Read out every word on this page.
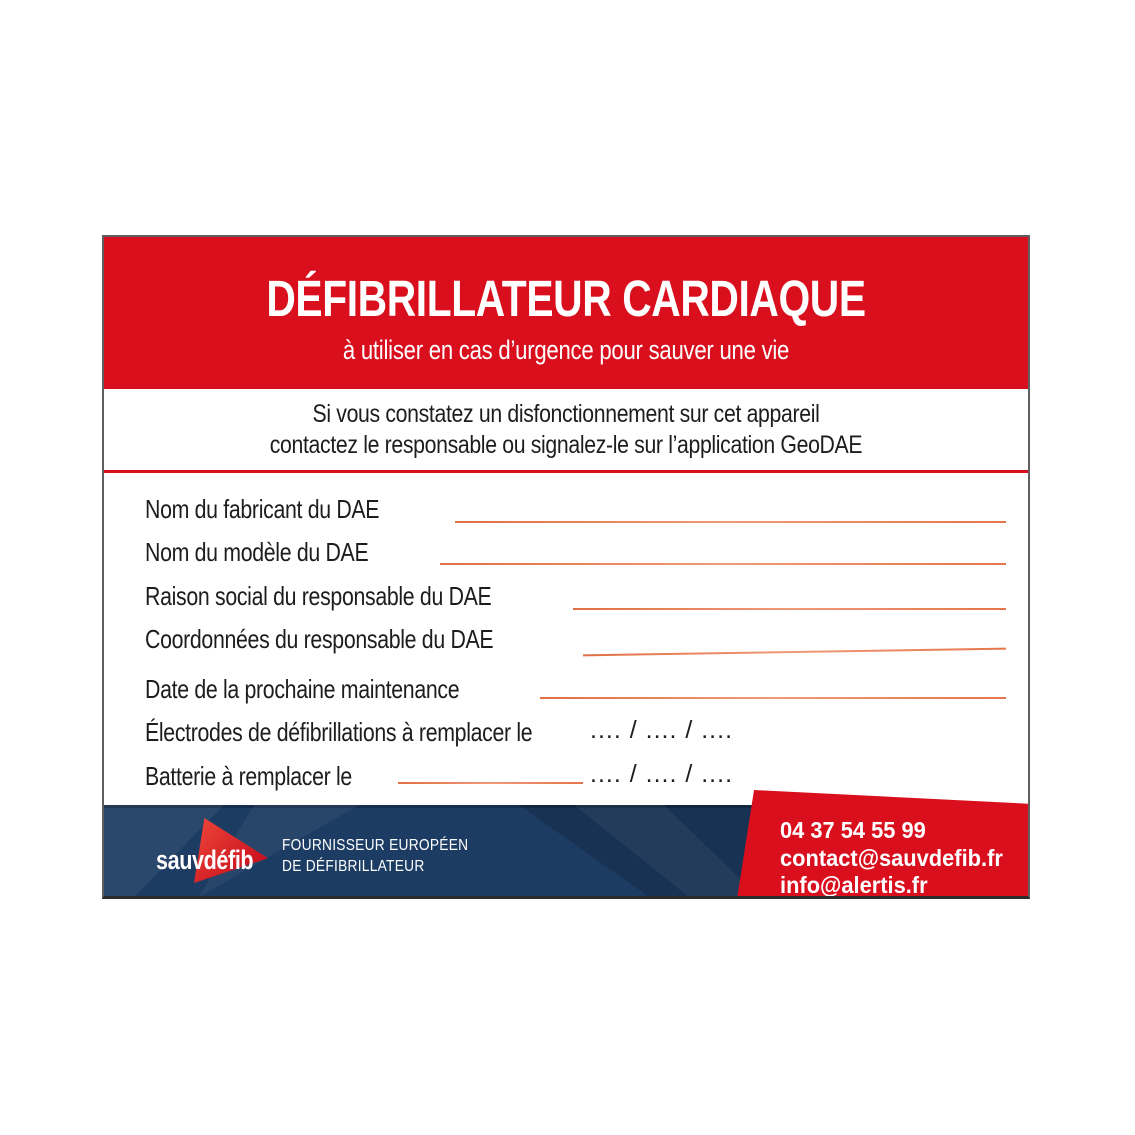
DÉFIBRILLATEUR CARDIAQUE
à utiliser en cas d’urgence pour sauver une vie
Si vous constatez un disfonctionnement sur cet appareil
contactez le responsable ou signalez-le sur l’application GeoDAE
Nom du fabricant du DAE
Nom du modèle du DAE
Raison social du responsable du DAE
Coordonnées du responsable du DAE
Date de la prochaine maintenance
Électrodes de défibrillations à remplacer le .... / .... / ....
Batterie à remplacer le	.... / .... / ....
sauvdéfib FOURNISSEUR EUROPÉEN
DE DÉFIBRILLATEUR
04 37 54 55 99
contact@sauvdefib.fr
info@alertis.fr
